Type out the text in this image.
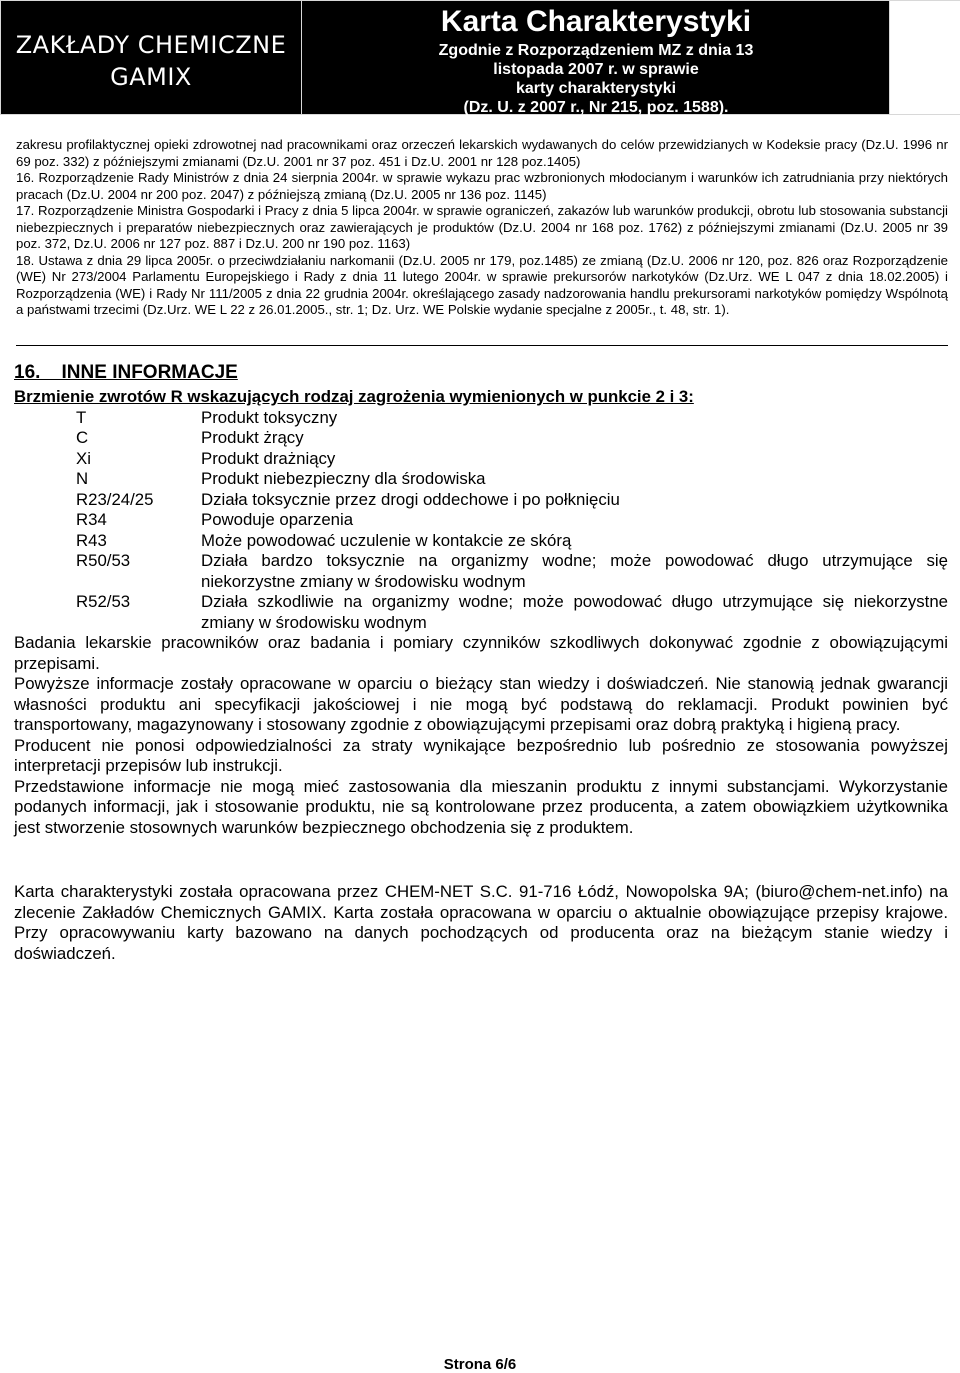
ZAKŁADY CHEMICZNE
GAMIX
Karta Charakterystyki
Zgodnie z Rozporządzeniem MZ z dnia 13
listopada 2007 r. w sprawie
karty charakterystyki
(Dz. U. z 2007 r., Nr 215, poz. 1588).

zakresu profilaktycznej opieki zdrowotnej nad pracownikami oraz orzeczeń lekarskich wydawanych do celów przewidzianych w Kodeksie pracy (Dz.U. 1996 nr 69 poz. 332) z późniejszymi zmianami (Dz.U. 2001 nr 37 poz. 451 i Dz.U. 2001 nr 128 poz.1405)

16. Rozporządzenie Rady Ministrów z dnia 24 sierpnia 2004r. w sprawie wykazu prac wzbronionych młodocianym i warunków ich zatrudniania przy niektórych pracach (Dz.U. 2004 nr 200 poz. 2047) z późniejszą zmianą (Dz.U. 2005 nr 136 poz. 1145)

17. Rozporządzenie Ministra Gospodarki i Pracy z dnia 5 lipca 2004r. w sprawie ograniczeń, zakazów lub warunków produkcji, obrotu lub stosowania substancji niebezpiecznych i preparatów niebezpiecznych oraz zawierających je produktów (Dz.U. 2004 nr 168 poz. 1762) z późniejszymi zmianami (Dz.U. 2005 nr 39 poz. 372, Dz.U. 2006 nr 127 poz. 887 i Dz.U. 200 nr 190 poz. 1163)

18. Ustawa z dnia 29 lipca 2005r. o przeciwdziałaniu narkomanii (Dz.U. 2005 nr 179, poz.1485) ze zmianą (Dz.U. 2006 nr 120, poz. 826 oraz Rozporządzenie (WE) Nr 273/2004 Parlamentu Europejskiego i Rady z dnia 11 lutego 2004r. w sprawie prekursorów narkotyków (Dz.Urz. WE L 047 z dnia 18.02.2005) i Rozporządzenia (WE) i Rady Nr 111/2005 z dnia 22 grudnia 2004r. określającego zasady nadzorowania handlu prekursorami narkotyków pomiędzy Wspólnotą a państwami trzecimi (Dz.Urz. WE L 22 z 26.01.2005., str. 1; Dz. Urz. WE Polskie wydanie specjalne z 2005r., t. 48, str. 1).

16.    INNE INFORMACJE

Brzmienie zwrotów R wskazujących rodzaj zagrożenia wymienionych w punkcie 2 i 3:

T	Produkt toksyczny
C	Produkt żrący
Xi	Produkt drażniący
N	Produkt niebezpieczny dla środowiska
R23/24/25	Działa toksycznie przez drogi oddechowe i po połknięciu
R34	Powoduje oparzenia
R43	Może powodować uczulenie w kontakcie ze skórą
R50/53	Działa bardzo toksycznie na organizmy wodne; może powodować długo utrzymujące się niekorzystne zmiany w środowisku wodnym
R52/53	Działa szkodliwie na organizmy wodne; może powodować długo utrzymujące się niekorzystne zmiany w środowisku wodnym

Badania lekarskie pracowników oraz badania i pomiary czynników szkodliwych dokonywać zgodnie z obowiązującymi przepisami.

Powyższe informacje zostały opracowane w oparciu o bieżący stan wiedzy i doświadczeń. Nie stanowią jednak gwarancji własności produktu ani specyfikacji jakościowej i nie mogą być podstawą do reklamacji. Produkt powinien być transportowany, magazynowany i stosowany zgodnie z obowiązującymi przepisami oraz dobrą praktyką i higieną pracy.

Producent nie ponosi odpowiedzialności za straty wynikające bezpośrednio lub pośrednio ze stosowania powyższej interpretacji przepisów lub instrukcji.

Przedstawione informacje nie mogą mieć zastosowania dla mieszanin produktu z innymi substancjami. Wykorzystanie podanych informacji, jak i stosowanie produktu, nie są kontrolowane przez producenta, a zatem obowiązkiem użytkownika jest stworzenie stosownych warunków bezpiecznego obchodzenia się z produktem.

Karta charakterystyki została opracowana przez CHEM-NET S.C. 91-716 Łódź, Nowopolska 9A; (biuro@chem-net.info) na zlecenie Zakładów Chemicznych GAMIX. Karta została opracowana w oparciu o aktualnie obowiązujące przepisy krajowe. Przy opracowywaniu karty bazowano na danych pochodzących od producenta oraz na bieżącym stanie wiedzy i doświadczeń.

Strona 6/6
